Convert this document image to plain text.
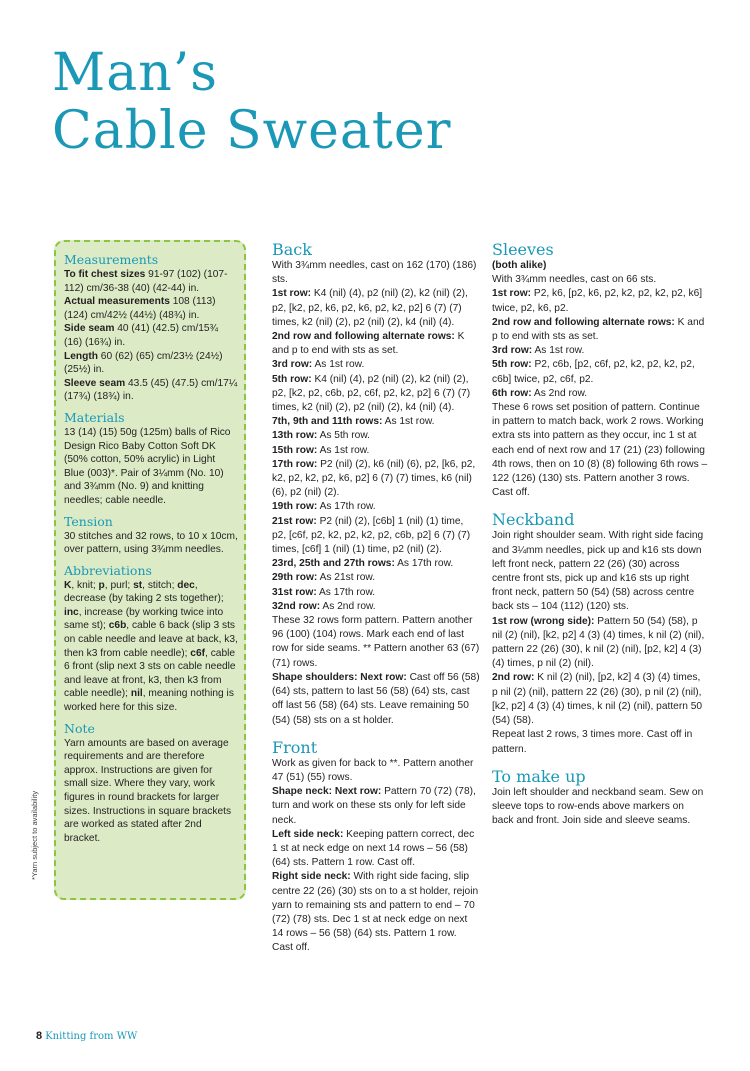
Man’s
Cable Sweater
Measurements

To fit chest sizes 91-97 (102) (107-112) cm/36-38 (40) (42-44) in.

Actual measurements 108 (113) (124) cm/42½ (44½) (48¾) in.

Side seam 40 (41) (42.5) cm/15¾ (16) (16¾) in.

Length 60 (62) (65) cm/23½ (24½) (25½) in.

Sleeve seam 43.5 (45) (47.5) cm/17¼ (17¾) (18¾) in.

Materials

13 (14) (15) 50g (125m) balls of Rico Design Rico Baby Cotton Soft DK (50% cotton, 50% acrylic) in Light Blue (003)*. Pair of 3¼mm (No. 10) and 3¾mm (No. 9) and knitting needles; cable needle.

Tension

30 stitches and 32 rows, to 10 x 10cm, over pattern, using 3¾mm needles.

Abbreviations

K, knit; p, purl; st, stitch; dec, decrease (by taking 2 sts together); inc, increase (by working twice into same st); c6b, cable 6 back (slip 3 sts on cable needle and leave at back, k3, then k3 from cable needle); c6f, cable 6 front (slip next 3 sts on cable needle and leave at front, k3, then k3 from cable needle); nil, meaning nothing is worked here for this size.

Note

Yarn amounts are based on average requirements and are therefore approx. Instructions are given for small size. Where they vary, work figures in round brackets for larger sizes. Instructions in square brackets are worked as stated after 2nd bracket.

*Yarn subject to availability
Back

With 3¾mm needles, cast on 162 (170) (186) sts.

1st row: K4 (nil) (4), p2 (nil) (2), k2 (nil) (2), p2, [k2, p2, k6, p2, k6, p2, k2, p2] 6 (7) (7) times, k2 (nil) (2), p2 (nil) (2), k4 (nil) (4).

2nd row and following alternate rows: K and p to end with sts as set.

3rd row: As 1st row.

5th row: K4 (nil) (4), p2 (nil) (2), k2 (nil) (2), p2, [k2, p2, c6b, p2, c6f, p2, k2, p2] 6 (7) (7) times, k2 (nil) (2), p2 (nil) (2), k4 (nil) (4).

7th, 9th and 11th rows: As 1st row.

13th row: As 5th row.

15th row: As 1st row.

17th row: P2 (nil) (2), k6 (nil) (6), p2, [k6, p2, k2, p2, k2, p2, k6, p2] 6 (7) (7) times, k6 (nil) (6), p2 (nil) (2).

19th row: As 17th row.

21st row: P2 (nil) (2), [c6b] 1 (nil) (1) time, p2, [c6f, p2, k2, p2, k2, p2, c6b, p2] 6 (7) (7) times, [c6f] 1 (nil) (1) time, p2 (nil) (2).

23rd, 25th and 27th rows: As 17th row.

29th row: As 21st row.

31st row: As 17th row.

32nd row: As 2nd row.

These 32 rows form pattern. Pattern another 96 (100) (104) rows. Mark each end of last row for side seams. ** Pattern another 63 (67) (71) rows.

Shape shoulders: Next row: Cast off 56 (58) (64) sts, pattern to last 56 (58) (64) sts, cast off last 56 (58) (64) sts. Leave remaining 50 (54) (58) sts on a st holder.

Front

Work as given for back to **. Pattern another 47 (51) (55) rows.

Shape neck: Next row: Pattern 70 (72) (78), turn and work on these sts only for left side neck.

Left side neck: Keeping pattern correct, dec 1 st at neck edge on next 14 rows – 56 (58) (64) sts. Pattern 1 row. Cast off.

Right side neck: With right side facing, slip centre 22 (26) (30) sts on to a st holder, rejoin yarn to remaining sts and pattern to end – 70 (72) (78) sts. Dec 1 st at neck edge on next 14 rows – 56 (58) (64) sts. Pattern 1 row. Cast off.

Sleeves

(both alike)

With 3¾mm needles, cast on 66 sts.

1st row: P2, k6, [p2, k6, p2, k2, p2, k2, p2, k6] twice, p2, k6, p2.

2nd row and following alternate rows: K and p to end with sts as set.

3rd row: As 1st row.

5th row: P2, c6b, [p2, c6f, p2, k2, p2, k2, p2, c6b] twice, p2, c6f, p2.

6th row: As 2nd row.

These 6 rows set position of pattern. Continue in pattern to match back, work 2 rows. Working extra sts into pattern as they occur, inc 1 st at each end of next row and 17 (21) (23) following 4th rows, then on 10 (8) (8) following 6th rows – 122 (126) (130) sts. Pattern another 3 rows. Cast off.

Neckband

Join right shoulder seam. With right side facing and 3¼mm needles, pick up and k16 sts down left front neck, pattern 22 (26) (30) across centre front sts, pick up and k16 sts up right front neck, pattern 50 (54) (58) across centre back sts – 104 (112) (120) sts.

1st row (wrong side): Pattern 50 (54) (58), p nil (2) (nil), [k2, p2] 4 (3) (4) times, k nil (2) (nil), pattern 22 (26) (30), k nil (2) (nil), [p2, k2] 4 (3) (4) times, p nil (2) (nil).

2nd row: K nil (2) (nil), [p2, k2] 4 (3) (4) times, p nil (2) (nil), pattern 22 (26) (30), p nil (2) (nil), [k2, p2] 4 (3) (4) times, k nil (2) (nil), pattern 50 (54) (58).

Repeat last 2 rows, 3 times more. Cast off in pattern.

To make up

Join left shoulder and neckband seam. Sew on sleeve tops to row-ends above markers on back and front. Join side and sleeve seams.

8 Knitting from WW
